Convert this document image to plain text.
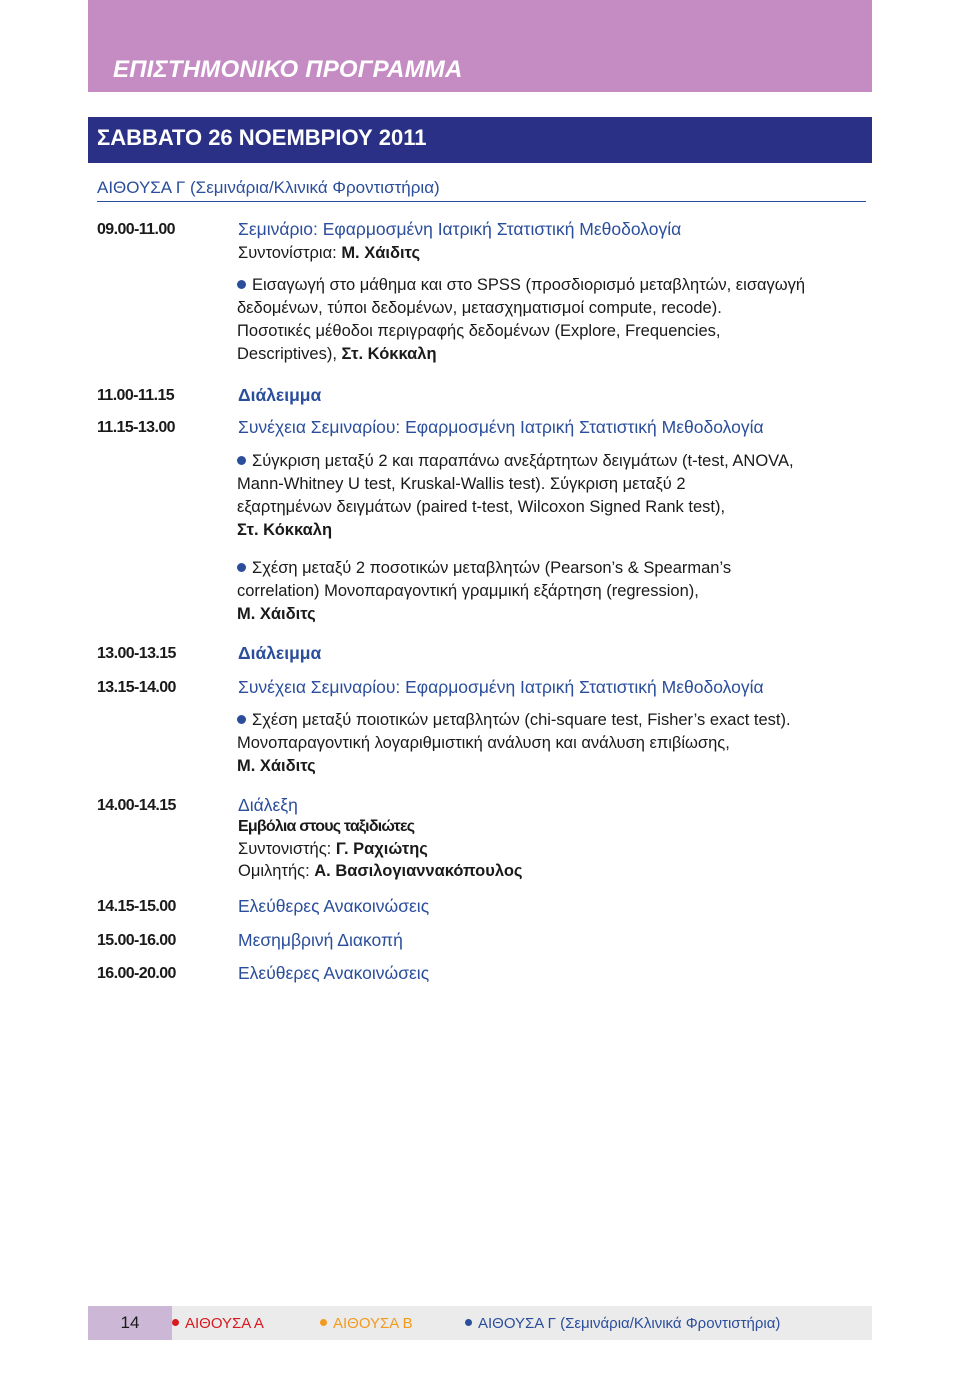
ΕΠΙΣΤΗΜΟΝΙΚΟ ΠΡΟΓΡΑΜΜΑ
ΣΑΒΒΑΤΟ 26 ΝΟΕΜΒΡΙΟΥ 2011
ΑΙΘΟΥΣΑ Γ (Σεμινάρια/Κλινικά Φροντιστήρια)
09.00-11.00	Σεμινάριο: Εφαρμοσμένη Ιατρική Στατιστική Μεθοδολογία
Συντονίστρια: Μ. Χάιδιτς
Εισαγωγή στο μάθημα και στο SPSS (προσδιορισμό μεταβλητών, εισαγωγή
δεδομένων, τύποι δεδομένων, μετασχηματισμοί compute, recode).
Ποσοτικές μέθοδοι περιγραφής δεδομένων (Explore, Frequencies,
Descriptives), Στ. Κόκκαλη
11.00-11.15	Διάλειμμα
11.15-13.00	Συνέχεια Σεμιναρίου: Εφαρμοσμένη Ιατρική Στατιστική Μεθοδολογία
Σύγκριση μεταξύ 2 και παραπάνω ανεξάρτητων δειγμάτων (t-test, ANOVA,
Mann-Whitney U test, Kruskal-Wallis test). Σύγκριση μεταξύ 2
εξαρτημένων δειγμάτων (paired t-test, Wilcoxon Signed Rank test),
Στ. Κόκκαλη
Σχέση μεταξύ 2 ποσοτικών μεταβλητών (Pearson’s & Spearman’s
correlation) Μονοπαραγοντική γραμμική εξάρτηση (regression),
Μ. Χάιδιτς
13.00-13.15	Διάλειμμα
13.15-14.00	Συνέχεια Σεμιναρίου: Εφαρμοσμένη Ιατρική Στατιστική Μεθοδολογία
Σχέση μεταξύ ποιοτικών μεταβλητών (chi-square test, Fisher’s exact test).
Μονοπαραγοντική λογαριθμιστική ανάλυση και ανάλυση επιβίωσης,
Μ. Χάιδιτς
14.00-14.15	Διάλεξη
Εμβόλια στους ταξιδιώτες
Συντονιστής: Γ. Ραχιώτης
Ομιλητής: Α. Βασιλογιαννακόπουλος
14.15-15.00	Ελεύθερες Ανακοινώσεις
15.00-16.00	Μεσημβρινή Διακοπή
16.00-20.00	Ελεύθερες Ανακοινώσεις
14	ΑΙΘΟΥΣΑ Α	ΑΙΘΟΥΣΑ Β	ΑΙΘΟΥΣΑ Γ (Σεμινάρια/Κλινικά Φροντιστήρια)
